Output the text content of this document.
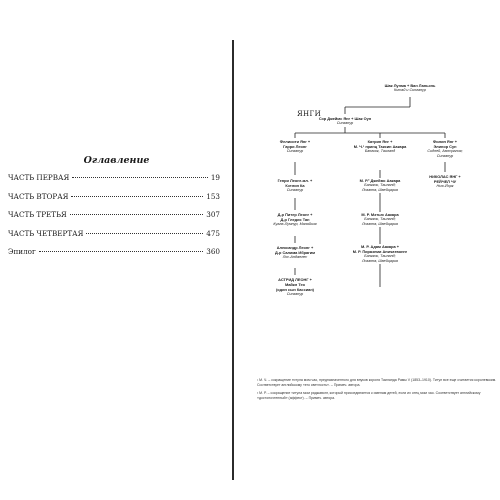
Оглавление
ЧАСТЬ ПЕРВАЯ	19
ЧАСТЬ ВТОРАЯ	153
ЧАСТЬ ТРЕТЬЯ	307
ЧАСТЬ ЧЕТВЕРТАЯ	475
Эпилог	360
Шак Лунма + Ван Ланьэнь
Китай и Сингапур
ЯНГИ
Сэр Джеймс Янг + Шак Оун
Сингапур
Фелисити Янг +
Гарри Леонг
Сингапур
Генри Леонг-мл. +
Кэтлин Ка
Сингапур
Д-р Питер Леонг +
Д-р Гледис Тан
Куала-Лумпур, Малайзия
Александр Леонг +
Д-р Салима Ибрагим
Лос-Анджелес
АСТРИД ЛЕОНГ +
Майкл Тео
(один сын Кассиан)
Сингапур
Катрин Янг +
М. Ч.¹ принц Таксин Аакара
Бангкок, Таиланд
М. Р.² Джеймс Аакара
Бангкок, Таиланд;
Лозанна, Швейцария
М. Р. Мэтью Аакара
Бангкок, Таиланд;
Лозанна, Швейцария
М. Р. Адам Аакара +
М. Р. Пираземи Апичатвонге
Бангкок, Таиланд;
Лозанна, Швейцария
Филип Янг +
Элинор Сун
Сидней, Австралия;
Сингапур
НИКОЛАС ЯНГ +
РЕЙЧЕЛ ЧУ
Нью-Йорк

¹ М. Ч. – сокращение титула мом чао, предназначенного для внуков короля Таиланда Рамы V (1853–1910). Титул все еще считается королевским. Соответствует английскому «его светлость». – Примеч. автора.

² М. Р. – сокращение титула мом раджавонг, который присоединяется к именам детей, если их отец мом чао. Соответствует английскому «достопочтенный» (аффект). – Примеч. автора.
